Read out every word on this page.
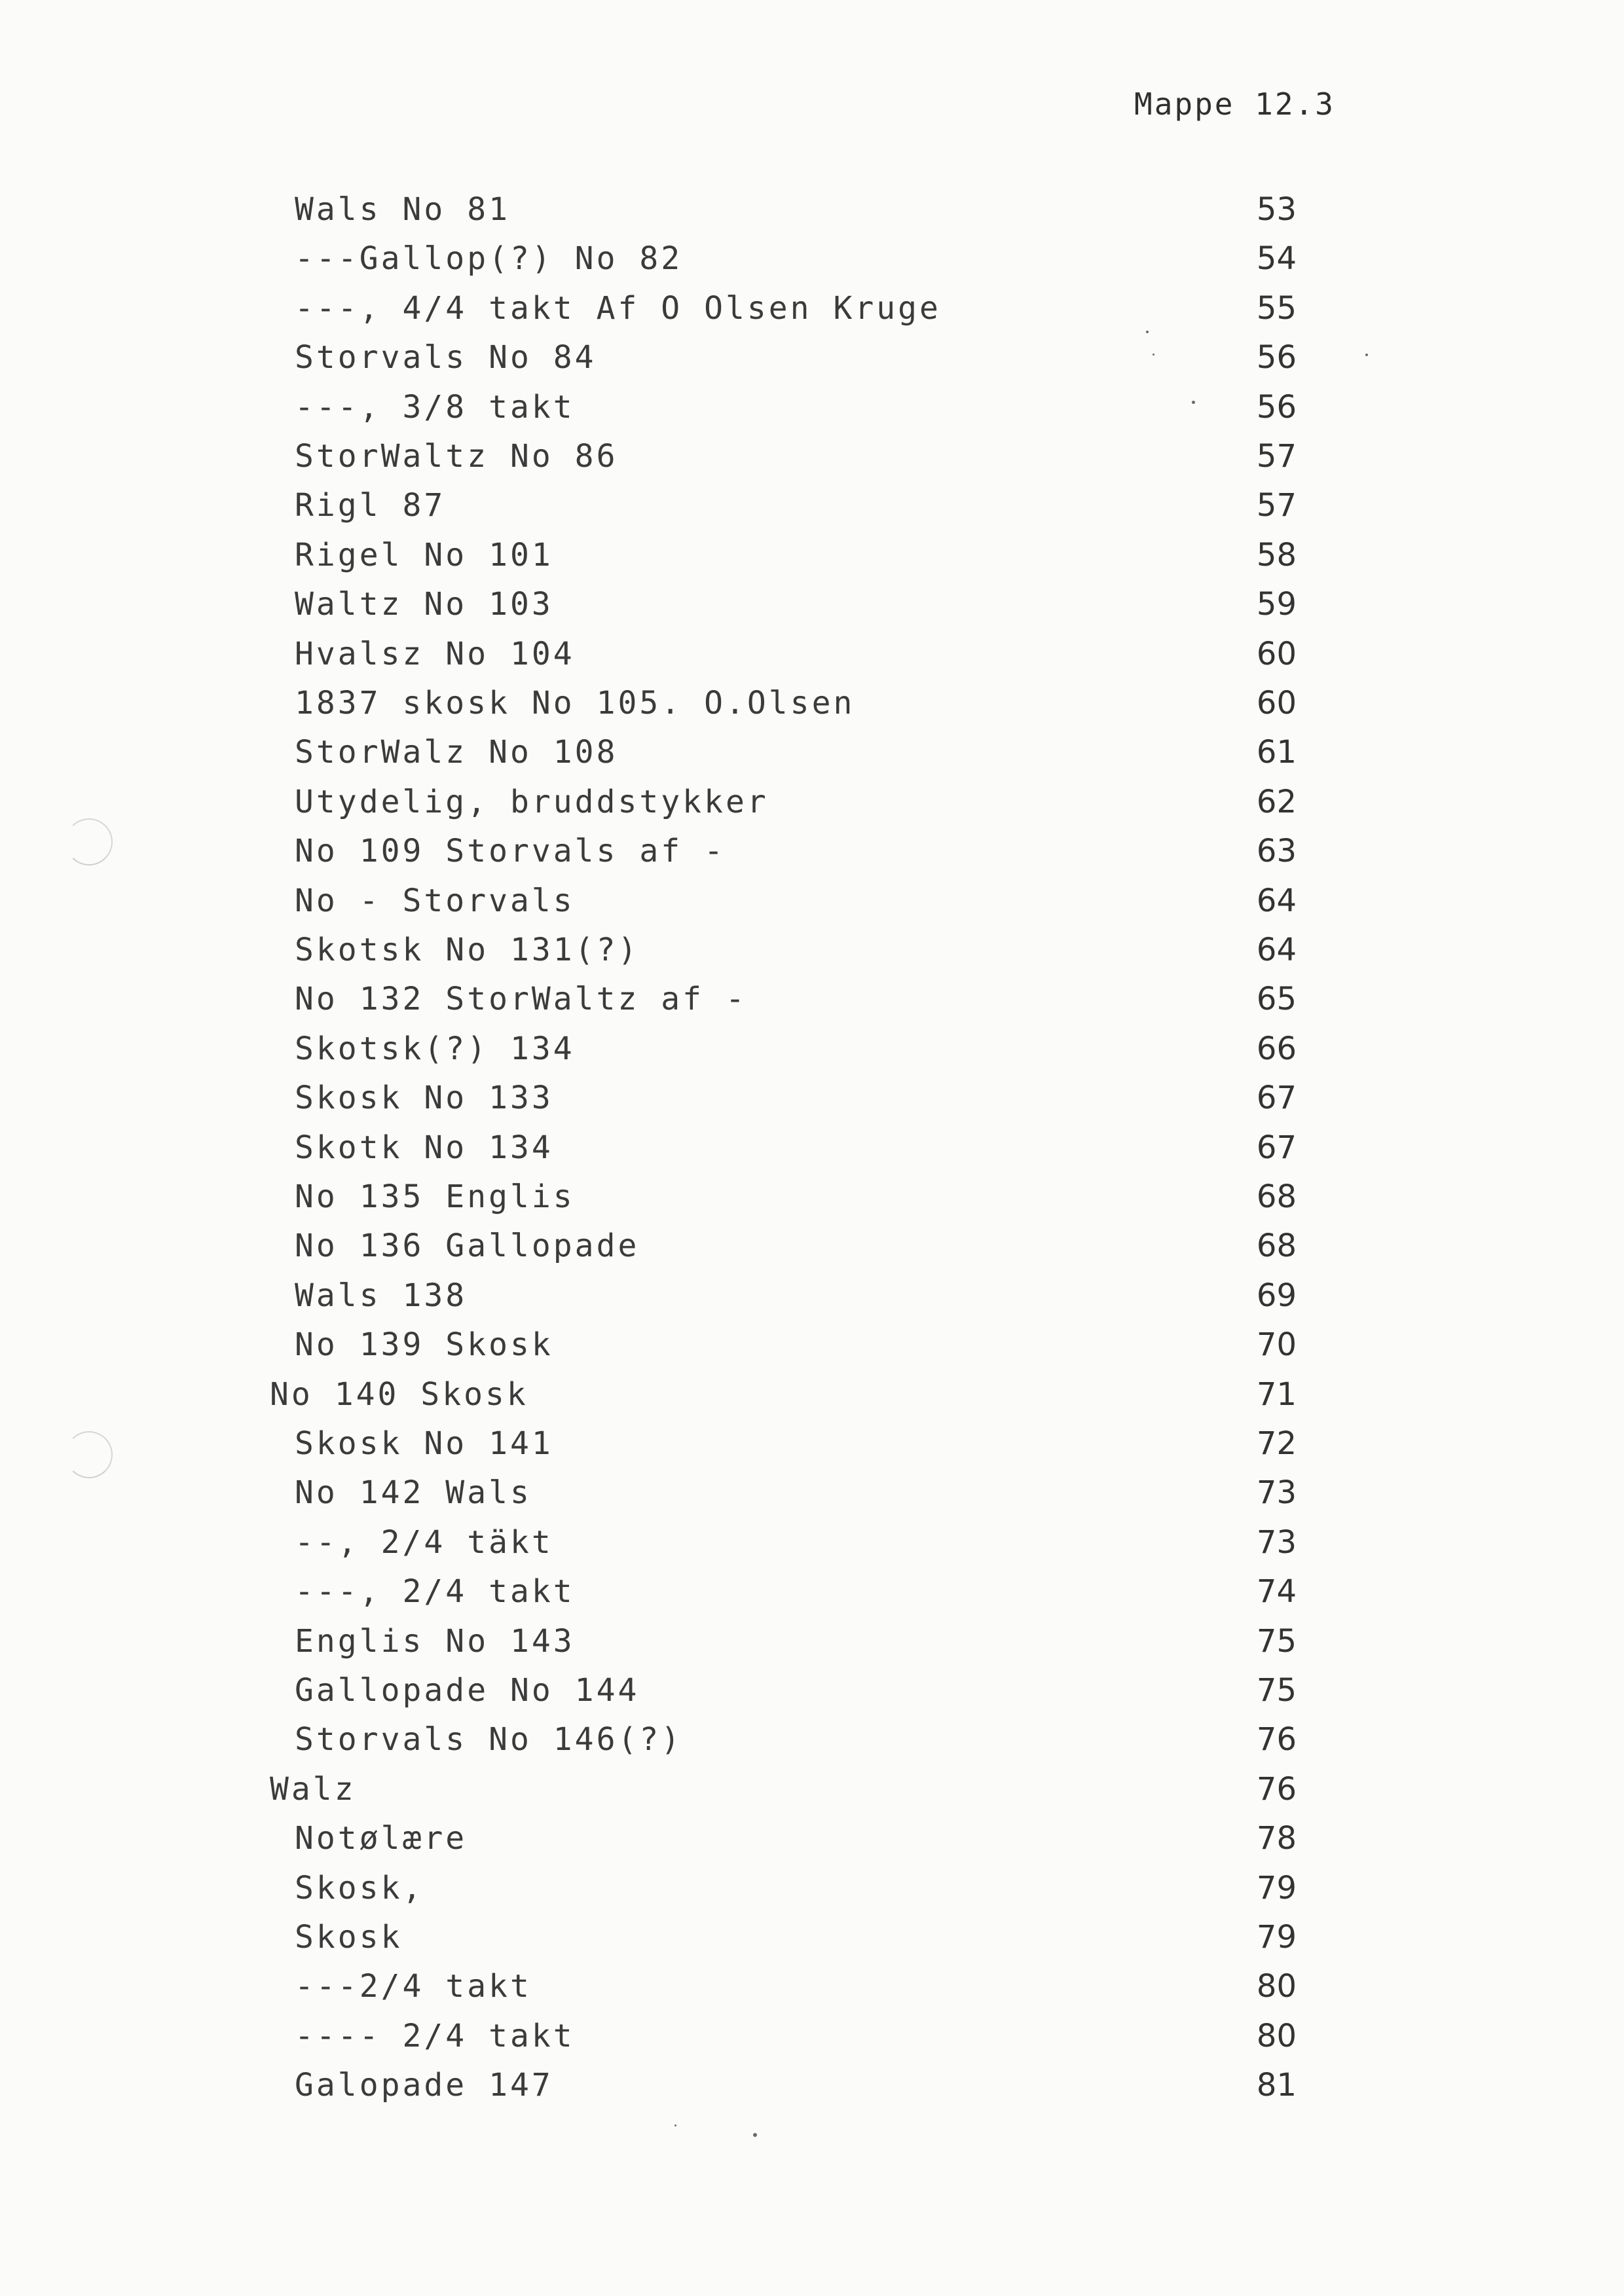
Mappe 12.3
Wals No 81	53
---Gallop(?) No 82	54
---, 4/4 takt Af O Olsen Kruge	55
Storvals No 84	56
---, 3/8 takt	56
StorWaltz No 86	57
Rigl 87	57
Rigel No 101	58
Waltz No 103	59
Hvalsz No 104	60
1837 skosk No 105. O.Olsen	60
StorWalz No 108	61
Utydelig, bruddstykker	62
No 109 Storvals af -	63
No - Storvals	64
Skotsk No 131(?)	64
No 132 StorWaltz af -	65
Skotsk(?) 134	66
Skosk No 133	67
Skotk No 134	67
No 135 Englis	68
No 136 Gallopade	68
Wals 138	69
No 139 Skosk	70
No 140 Skosk	71
Skosk No 141	72
No 142 Wals	73
--, 2/4 täkt	73
---, 2/4 takt	74
Englis No 143	75
Gallopade No 144	75
Storvals No 146(?)	76
Walz	76
Notølære	78
Skosk,	79
Skosk	79
---2/4 takt	80
---- 2/4 takt	80
Galopade 147	81
